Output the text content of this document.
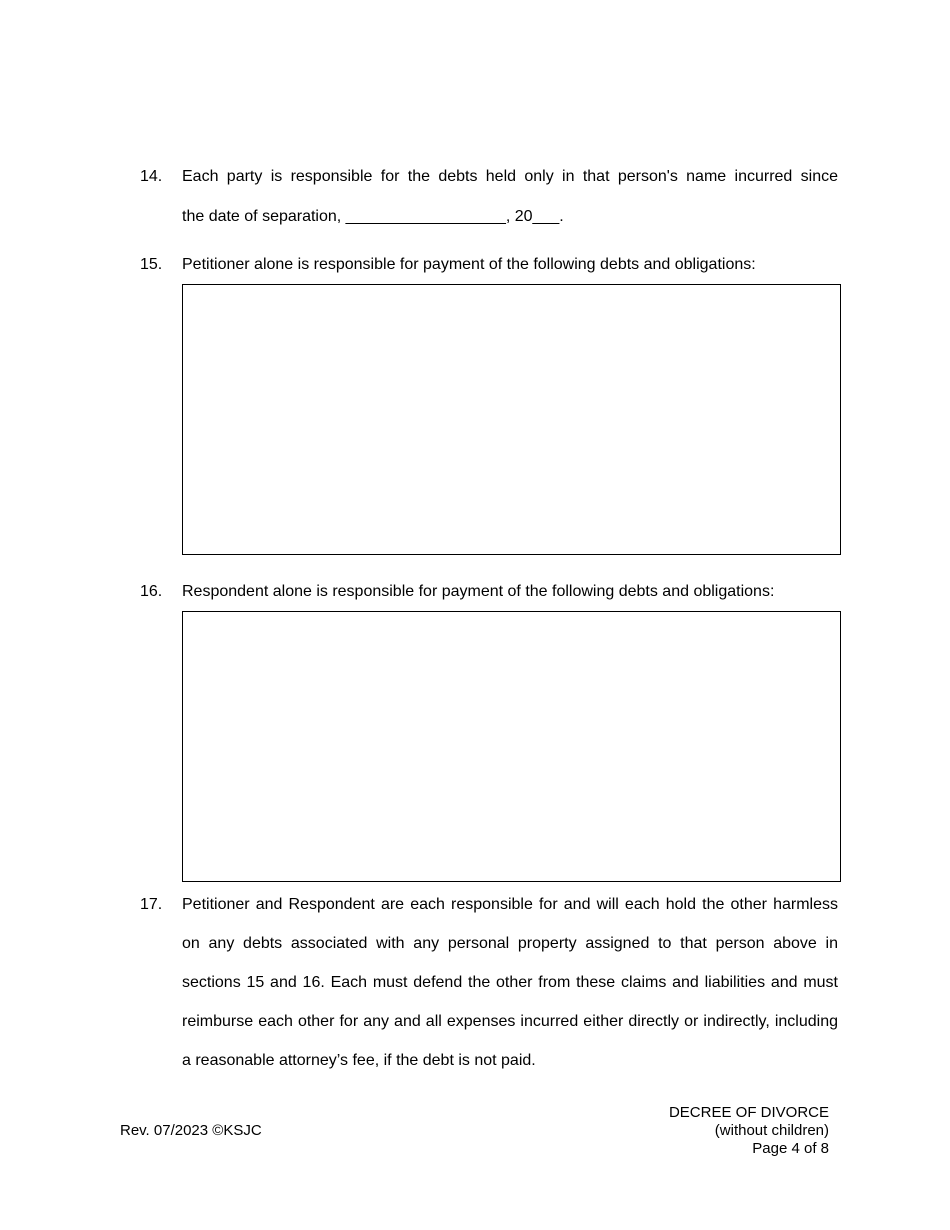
14. Each party is responsible for the debts held only in that person's name incurred since
the date of separation, __________________, 20___.
15. Petitioner alone is responsible for payment of the following debts and obligations:
16. Respondent alone is responsible for payment of the following debts and obligations:
17. Petitioner and Respondent are each responsible for and will each hold the other harmless on any debts associated with any personal property assigned to that person above in sections 15 and 16. Each must defend the other from these claims and liabilities and must reimburse each other for any and all expenses incurred either directly or indirectly, including a reasonable attorney’s fee, if the debt is not paid.
Rev. 07/2023 ©KSJC
DECREE OF DIVORCE
(without children)
Page 4 of 8
